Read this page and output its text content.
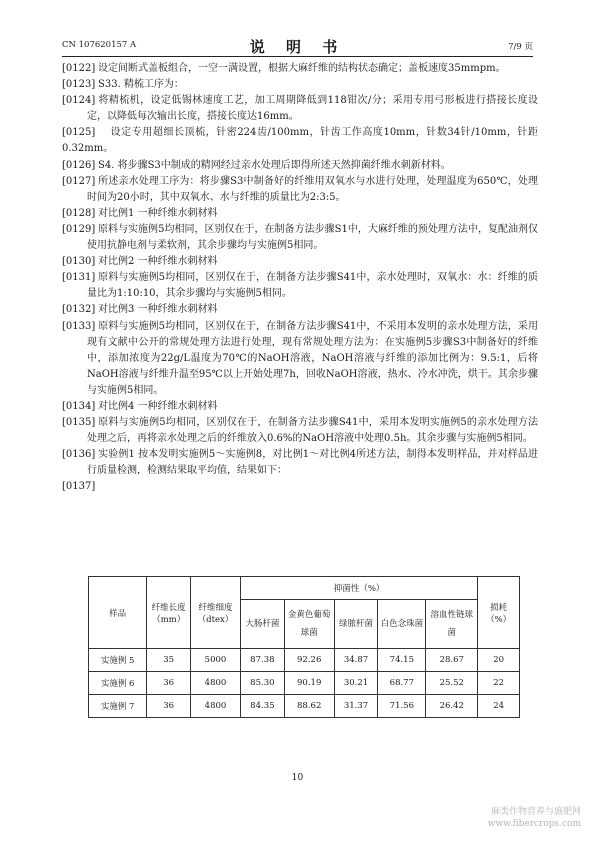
CN 107620157 A	说 明 书	7/9 页

[0122] 设定间断式盖板组合，一空一满设置，根据大麻纤维的结构状态确定；盖板速度35mmpm。

[0123] S33. 精梳工序为：

[0124] 将精梳机，设定低锡林速度工艺，加工周期降低到118钳次/分；采用专用弓形板进行搭接长度设定，以降低每次输出长度，搭接长度达16mm。

[0125] 设定专用超细长顶梳，针密224齿/100mm，针齿工作高度10mm，针数34针/10mm，针距0.32mm。

[0126] S4. 将步骤S3中制成的精网经过亲水处理后即得所述天然抑菌纤维水刺新材料。

[0127] 所述亲水处理工序为：将步骤S3中制备好的纤维用双氧水与水进行处理，处理温度为650℃，处理时间为20小时，其中双氧水、水与纤维的质量比为2:3:5。

[0128] 对比例1 一种纤维水刺材料

[0129] 原料与实施例5均相同，区别仅在于，在制备方法步骤S1中，大麻纤维的预处理方法中，复配油剂仅使用抗静电剂与柔软剂，其余步骤均与实施例5相同。

[0130] 对比例2 一种纤维水刺材料

[0131] 原料与实施例5均相同，区别仅在于，在制备方法步骤S41中，亲水处理时，双氧水：水：纤维的质量比为1:10:10，其余步骤均与实施例5相同。

[0132] 对比例3 一种纤维水刺材料

[0133] 原料与实施例5均相同，区别仅在于，在制备方法步骤S41中，不采用本发明的亲水处理方法，采用现有文献中公开的常规处理方法进行处理，现有常规处理方法为：在实施例5步骤S3中制备好的纤维中，添加浓度为22g/L温度为70℃的NaOH溶液，NaOH溶液与纤维的添加比例为：9.5:1，后将NaOH溶液与纤维升温至95℃以上开始处理7h，回收NaOH溶液，热水、冷水冲洗，烘干。其余步骤与实施例5相同。

[0134] 对比例4 一种纤维水刺材料

[0135] 原料与实施例5均相同，区别仅在于，在制备方法步骤S41中，采用本发明实施例5的亲水处理方法处理之后，再将亲水处理之后的纤维放入0.6%的NaOH溶液中处理0.5h。其余步骤与实施例5相同。

[0136] 实验例1 按本发明实施例5～实施例8，对比例1～对比例4所述方法，制得本发明样品，并对样品进行质量检测，检测结果取平均值，结果如下：

[0137]

样品	纤维长度（mm）	纤维细度（dtex）	抑菌性（%）					损耗（%）
			大肠杆菌	金黄色葡萄球菌	绿脓杆菌	白色念珠菌	溶血性链球菌	
实施例 5	35	5000	87.38	92.26	34.87	74.15	28.67	20
实施例 6	36	4800	85.30	90.19	30.21	68.77	25.52	22
实施例 7	36	4800	84.35	88.62	31.37	71.56	26.42	24
10
麻类作物营养与施肥网
www.fibercrops.com
